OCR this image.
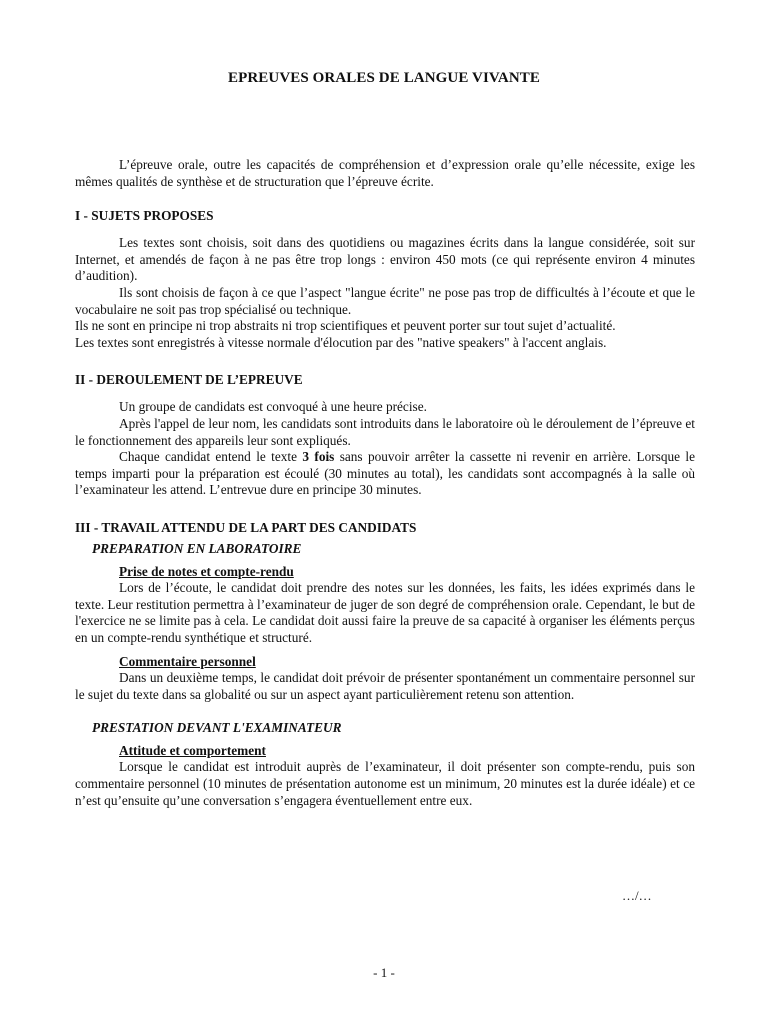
EPREUVES ORALES DE LANGUE VIVANTE

L’épreuve orale, outre les capacités de compréhension et d’expression orale qu’elle nécessite, exige les mêmes qualités de synthèse et de structuration que l’épreuve écrite.

I - SUJETS PROPOSES

Les textes sont choisis, soit dans des quotidiens ou magazines écrits dans la langue considérée, soit sur Internet, et amendés de façon à ne pas être trop longs : environ 450 mots (ce qui représente environ 4 minutes d’audition).

Ils sont choisis de façon à ce que l’aspect "langue écrite" ne pose pas trop de difficultés à l’écoute et que le vocabulaire ne soit pas trop spécialisé ou technique.

Ils ne sont en principe ni trop abstraits ni trop scientifiques et peuvent porter sur tout sujet d’actualité.

Les textes sont enregistrés à vitesse normale d'élocution par des "native speakers" à l'accent anglais.

II - DEROULEMENT DE L’EPREUVE

Un groupe de candidats est convoqué à une heure précise.

Après l'appel de leur nom, les candidats sont introduits dans le laboratoire où le déroulement de l’épreuve et le fonctionnement des appareils leur sont expliqués.

Chaque candidat entend le texte 3 fois sans pouvoir arrêter la cassette ni revenir en arrière. Lorsque le temps imparti pour la préparation est écoulé (30 minutes au total), les candidats sont accompagnés à la salle où l’examinateur les attend. L’entrevue dure en principe 30 minutes.

III - TRAVAIL ATTENDU DE LA PART DES CANDIDATS
PREPARATION EN LABORATOIRE
Prise de notes et compte-rendu

Lors de l’écoute, le candidat doit prendre des notes sur les données, les faits, les idées exprimés dans le texte. Leur restitution permettra à l’examinateur de juger de son degré de compréhension orale. Cependant, le but de l'exercice ne se limite pas à cela. Le candidat doit aussi faire la preuve de sa capacité à organiser les éléments perçus en un compte-rendu synthétique et structuré.

Commentaire personnel

Dans un deuxième temps, le candidat doit prévoir de présenter spontanément un commentaire personnel sur le sujet du texte dans sa globalité ou sur un aspect ayant particulièrement retenu son attention.

PRESTATION DEVANT L'EXAMINATEUR
Attitude et comportement

Lorsque le candidat est introduit auprès de l’examinateur, il doit présenter son compte-rendu, puis son commentaire personnel (10 minutes de présentation autonome est un minimum, 20 minutes est la durée idéale) et ce n’est qu’ensuite qu’une conversation s’engagera éventuellement entre eux.

…/…
- 1 -
